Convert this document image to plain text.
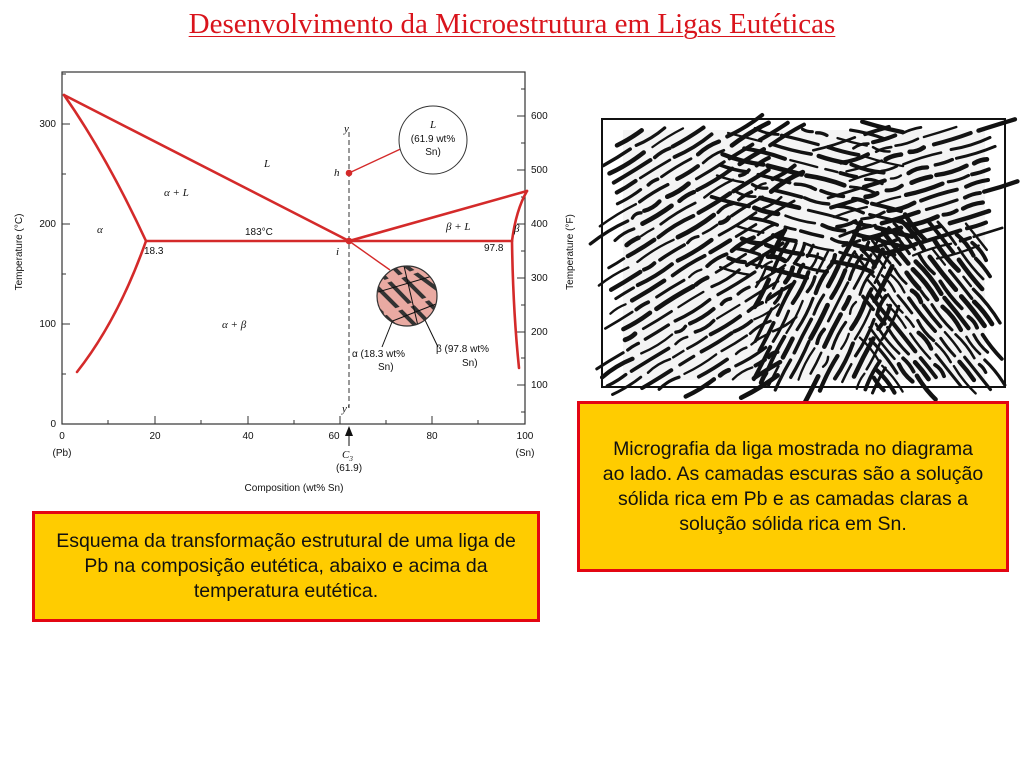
Desenvolvimento da Microestrutura em Ligas Eutéticas
0
100
200
300
100
200
300
400
500
600
0	20	40	60	80	100
(Pb)	(Sn)
Composition (wt% Sn)
Temperature (°C)	Temperature (°F)
L
(61.9 wt%
Sn)
L
α + L
β + L
α	β
α + β
183°C
18.3	97.8
y
y′
h
i
α (18.3 wt%
Sn)
β (97.8 wt%
Sn)
$C_3$
(61.9)
Esquema da transformação estrutural de uma liga de Pb na composição eutética, abaixo e acima da temperatura eutética.
Micrografia da liga mostrada no diagrama ao lado. As camadas escuras são a solução sólida rica em Pb e as camadas claras a solução sólida rica em Sn.
